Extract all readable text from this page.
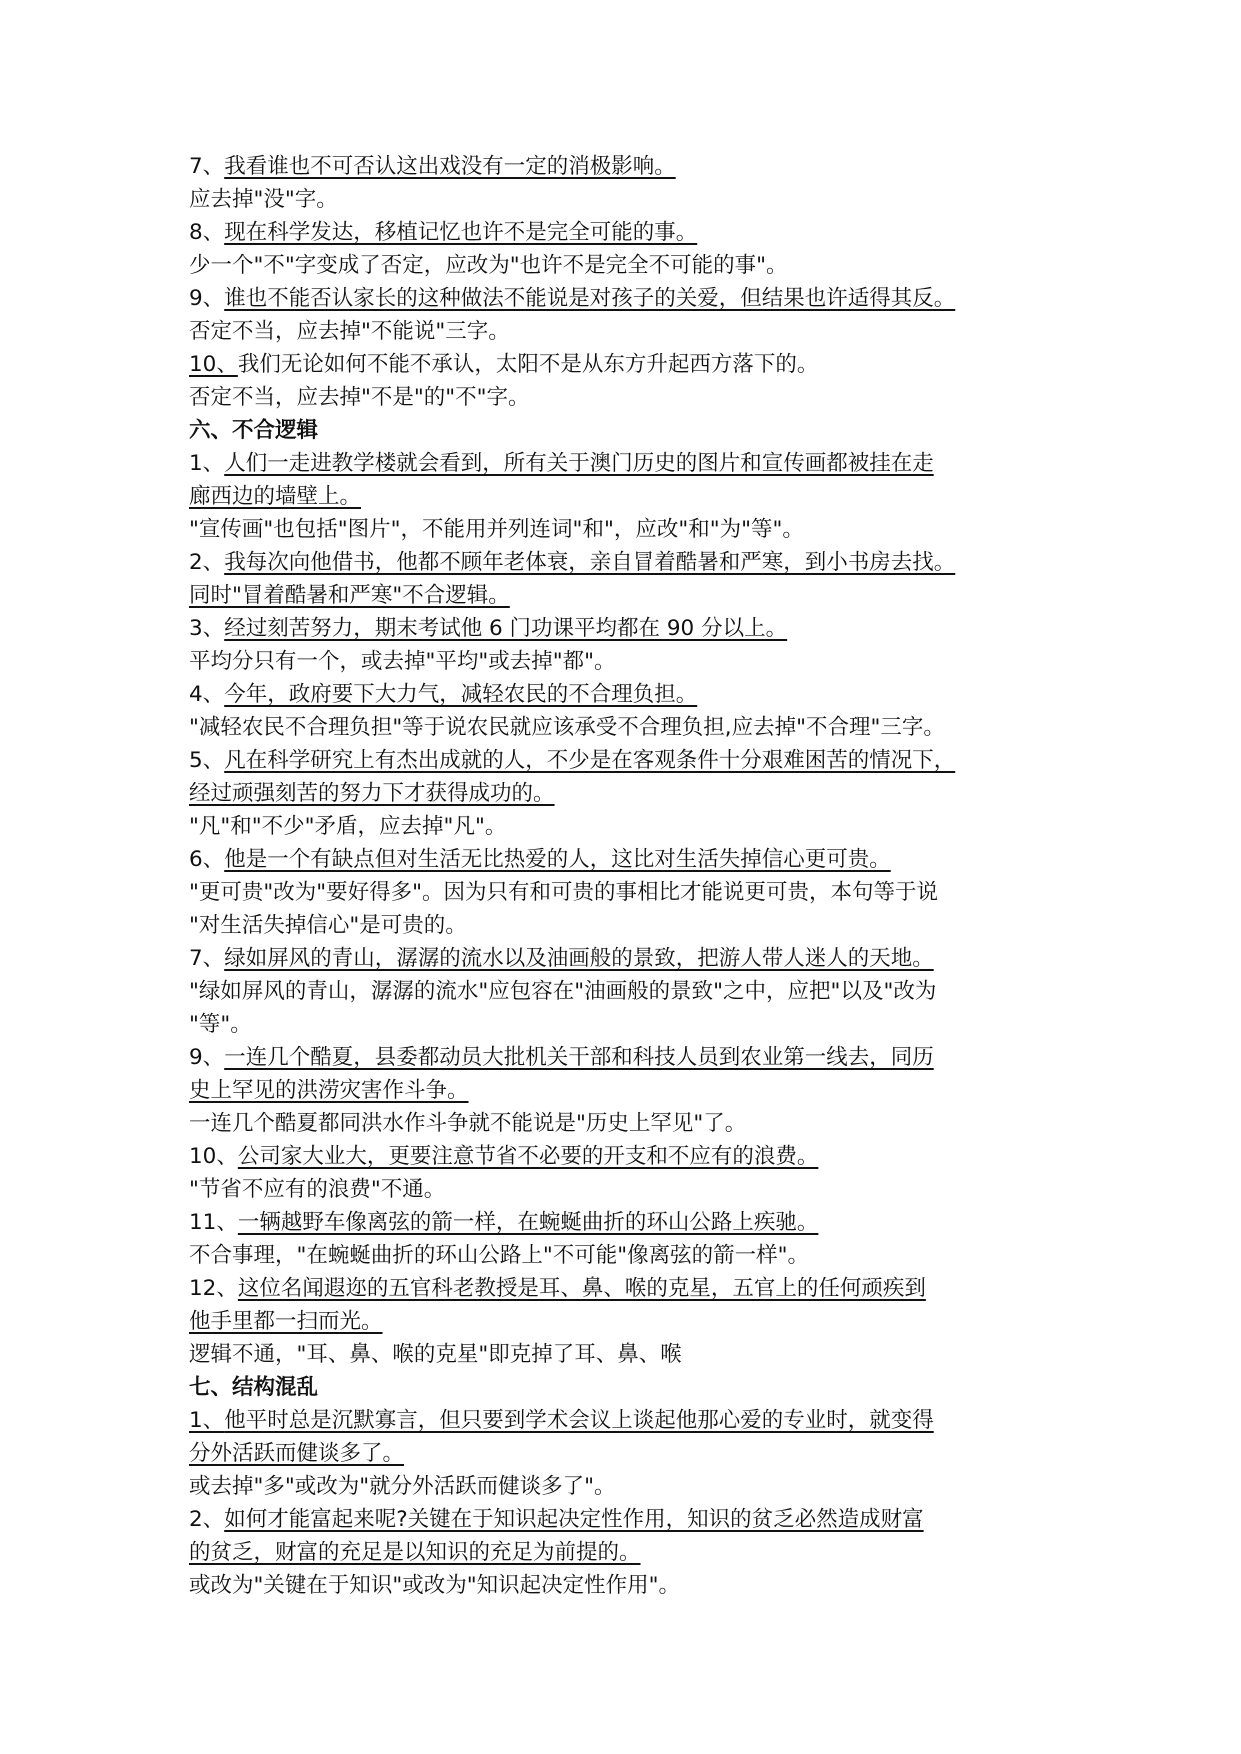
7、我看谁也不可否认这出戏没有一定的消极影响。
应去掉"没"字。
8、现在科学发达，移植记忆也许不是完全可能的事。
少一个"不"字变成了否定，应改为"也许不是完全不可能的事"。
9、谁也不能否认家长的这种做法不能说是对孩子的关爱，但结果也许适得其反。
否定不当，应去掉"不能说"三字。
10、我们无论如何不能不承认，太阳不是从东方升起西方落下的。
否定不当，应去掉"不是"的"不"字。
六、不合逻辑
1、人们一走进教学楼就会看到，所有关于澳门历史的图片和宣传画都被挂在走
廊西边的墙壁上。
"宣传画"也包括"图片"，不能用并列连词"和"，应改"和"为"等"。
2、我每次向他借书，他都不顾年老体衰，亲自冒着酷暑和严寒，到小书房去找。
同时"冒着酷暑和严寒"不合逻辑。
3、经过刻苦努力，期末考试他 6 门功课平均都在 90 分以上。
平均分只有一个，或去掉"平均"或去掉"都"。
4、今年，政府要下大力气，减轻农民的不合理负担。
"减轻农民不合理负担"等于说农民就应该承受不合理负担,应去掉"不合理"三字。
5、凡在科学研究上有杰出成就的人，不少是在客观条件十分艰难困苦的情况下，
经过顽强刻苦的努力下才获得成功的。
"凡"和"不少"矛盾，应去掉"凡"。
6、他是一个有缺点但对生活无比热爱的人，这比对生活失掉信心更可贵。
"更可贵"改为"要好得多"。因为只有和可贵的事相比才能说更可贵，本句等于说
"对生活失掉信心"是可贵的。
7、绿如屏风的青山，潺潺的流水以及油画般的景致，把游人带人迷人的天地。
"绿如屏风的青山，潺潺的流水"应包容在"油画般的景致"之中，应把"以及"改为
"等"。
9、一连几个酷夏，县委都动员大批机关干部和科技人员到农业第一线去，同历
史上罕见的洪涝灾害作斗争。
一连几个酷夏都同洪水作斗争就不能说是"历史上罕见"了。
10、公司家大业大，更要注意节省不必要的开支和不应有的浪费。
"节省不应有的浪费"不通。
11、一辆越野车像离弦的箭一样，在蜿蜒曲折的环山公路上疾驰。
不合事理，"在蜿蜒曲折的环山公路上"不可能"像离弦的箭一样"。
12、这位名闻遐迩的五官科老教授是耳、鼻、喉的克星，五官上的任何顽疾到
他手里都一扫而光。
逻辑不通，"耳、鼻、喉的克星"即克掉了耳、鼻、喉
七、结构混乱
1、他平时总是沉默寡言，但只要到学术会议上谈起他那心爱的专业时，就变得
分外活跃而健谈多了。
或去掉"多"或改为"就分外活跃而健谈多了"。
2、如何才能富起来呢?关键在于知识起决定性作用，知识的贫乏必然造成财富
的贫乏，财富的充足是以知识的充足为前提的。
或改为"关键在于知识"或改为"知识起决定性作用"。
